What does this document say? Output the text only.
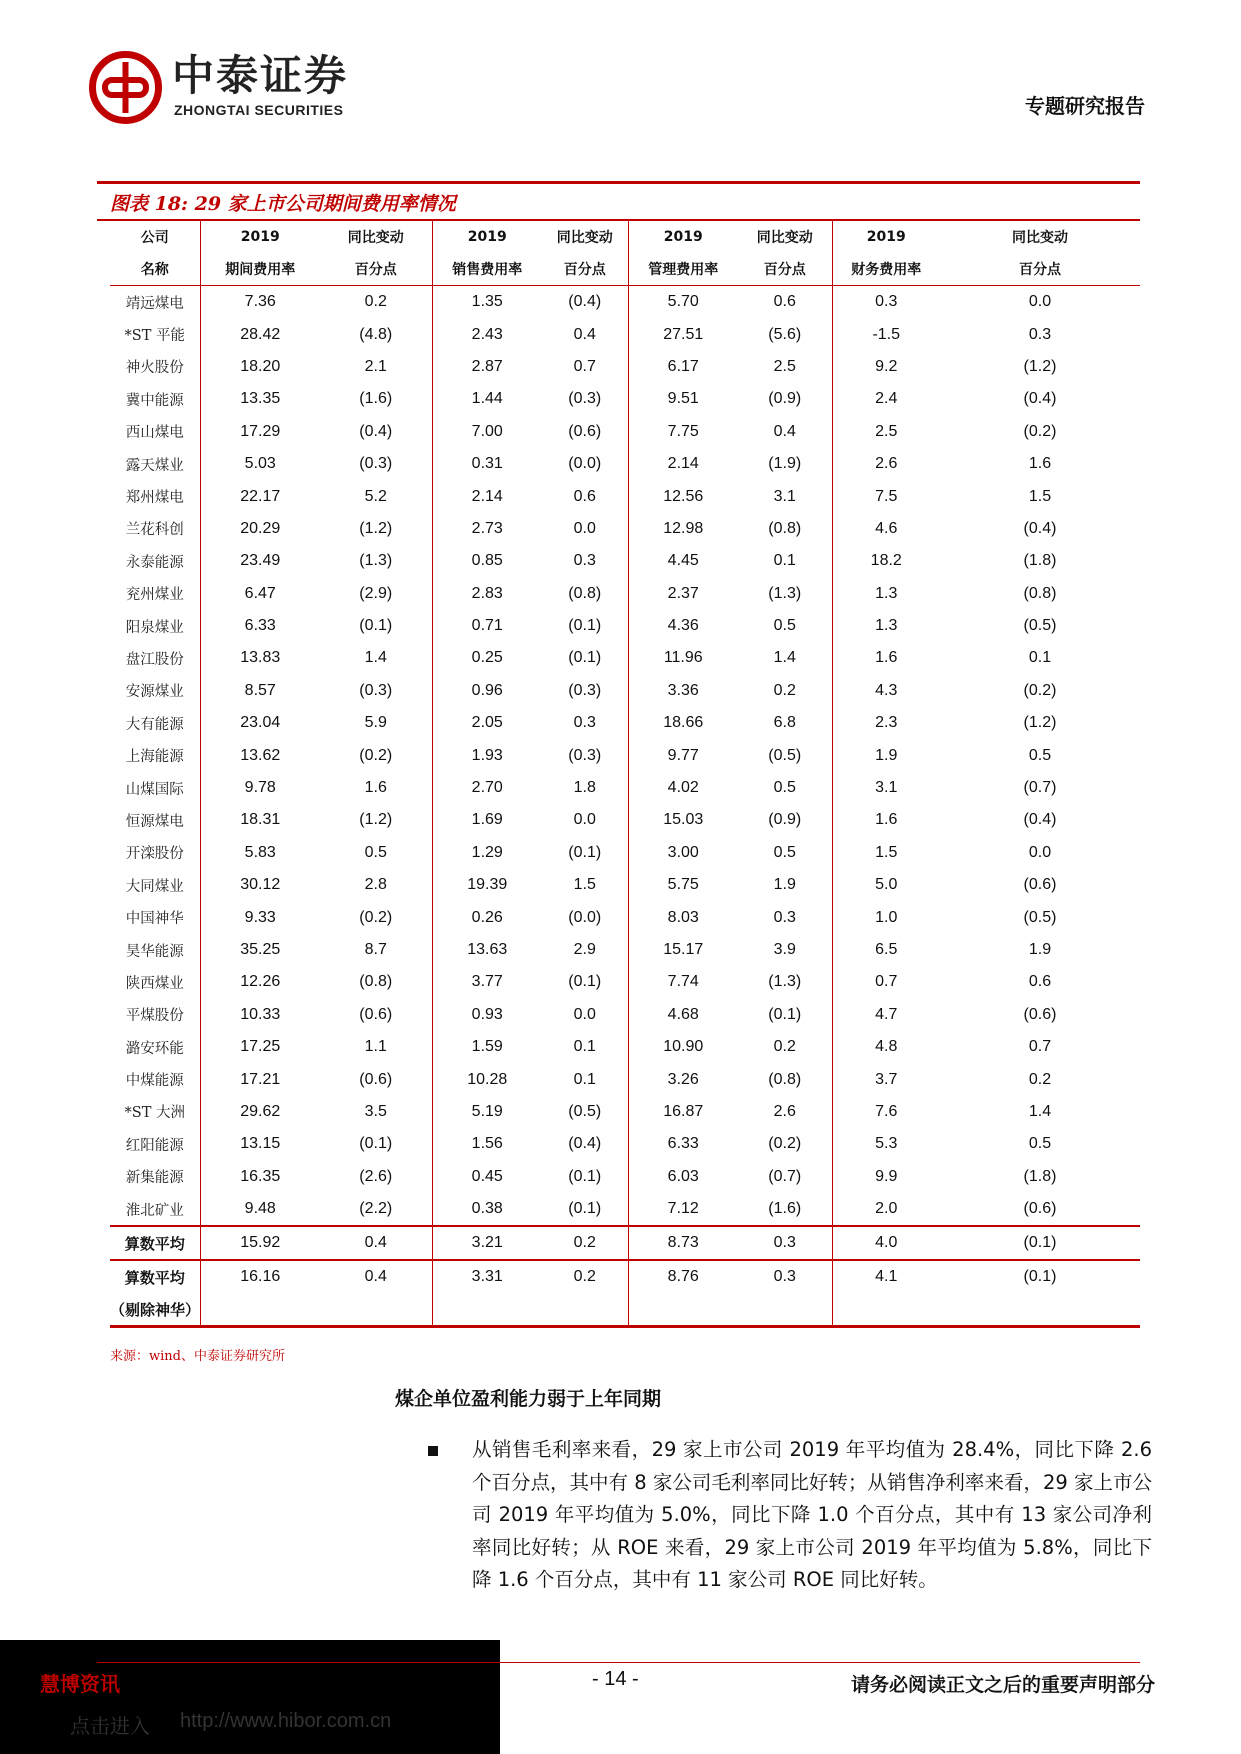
中泰证券
ZHONGTAI SECURITIES	专题研究报告
图表 18: 29 家上市公司期间费用率情况
公司	2019	同比变动	2019	同比变动	2019	同比变动	2019	同比变动
名称	期间费用率	百分点	销售费用率	百分点	管理费用率	百分点	财务费用率	百分点
靖远煤电	7.36	0.2	1.35	(0.4)	5.70	0.6	0.3	0.0
*ST 平能	28.42	(4.8)	2.43	0.4	27.51	(5.6)	-1.5	0.3
神火股份	18.20	2.1	2.87	0.7	6.17	2.5	9.2	(1.2)
冀中能源	13.35	(1.6)	1.44	(0.3)	9.51	(0.9)	2.4	(0.4)
西山煤电	17.29	(0.4)	7.00	(0.6)	7.75	0.4	2.5	(0.2)
露天煤业	5.03	(0.3)	0.31	(0.0)	2.14	(1.9)	2.6	1.6
郑州煤电	22.17	5.2	2.14	0.6	12.56	3.1	7.5	1.5
兰花科创	20.29	(1.2)	2.73	0.0	12.98	(0.8)	4.6	(0.4)
永泰能源	23.49	(1.3)	0.85	0.3	4.45	0.1	18.2	(1.8)
兖州煤业	6.47	(2.9)	2.83	(0.8)	2.37	(1.3)	1.3	(0.8)
阳泉煤业	6.33	(0.1)	0.71	(0.1)	4.36	0.5	1.3	(0.5)
盘江股份	13.83	1.4	0.25	(0.1)	11.96	1.4	1.6	0.1
安源煤业	8.57	(0.3)	0.96	(0.3)	3.36	0.2	4.3	(0.2)
大有能源	23.04	5.9	2.05	0.3	18.66	6.8	2.3	(1.2)
上海能源	13.62	(0.2)	1.93	(0.3)	9.77	(0.5)	1.9	0.5
山煤国际	9.78	1.6	2.70	1.8	4.02	0.5	3.1	(0.7)
恒源煤电	18.31	(1.2)	1.69	0.0	15.03	(0.9)	1.6	(0.4)
开滦股份	5.83	0.5	1.29	(0.1)	3.00	0.5	1.5	0.0
大同煤业	30.12	2.8	19.39	1.5	5.75	1.9	5.0	(0.6)
中国神华	9.33	(0.2)	0.26	(0.0)	8.03	0.3	1.0	(0.5)
昊华能源	35.25	8.7	13.63	2.9	15.17	3.9	6.5	1.9
陕西煤业	12.26	(0.8)	3.77	(0.1)	7.74	(1.3)	0.7	0.6
平煤股份	10.33	(0.6)	0.93	0.0	4.68	(0.1)	4.7	(0.6)
潞安环能	17.25	1.1	1.59	0.1	10.90	0.2	4.8	0.7
中煤能源	17.21	(0.6)	10.28	0.1	3.26	(0.8)	3.7	0.2
*ST 大洲	29.62	3.5	5.19	(0.5)	16.87	2.6	7.6	1.4
红阳能源	13.15	(0.1)	1.56	(0.4)	6.33	(0.2)	5.3	0.5
新集能源	16.35	(2.6)	0.45	(0.1)	6.03	(0.7)	9.9	(1.8)
淮北矿业	9.48	(2.2)	0.38	(0.1)	7.12	(1.6)	2.0	(0.6)
算数平均	15.92	0.4	3.21	0.2	8.73	0.3	4.0	(0.1)
算数平均	16.16	0.4	3.31	0.2	8.76	0.3	4.1	(0.1)
（剔除神华）								
来源：wind、中泰证券研究所
煤企单位盈利能力弱于上年同期
从销售毛利率来看，29 家上市公司 2019 年平均值为 28.4%，同比下降 2.6 个百分点，其中有 8 家公司毛利率同比好转；从销售净利率来看，29 家上市公司 2019 年平均值为 5.0%，同比下降 1.0 个百分点，其中有 13 家公司净利率同比好转；从 ROE 来看，29 家上市公司 2019 年平均值为 5.8%，同比下降 1.6 个百分点，其中有 11 家公司 ROE 同比好转。
慧博资讯
点击进入 http://www.hibor.com.cn
- 14 -	请务必阅读正文之后的重要声明部分
